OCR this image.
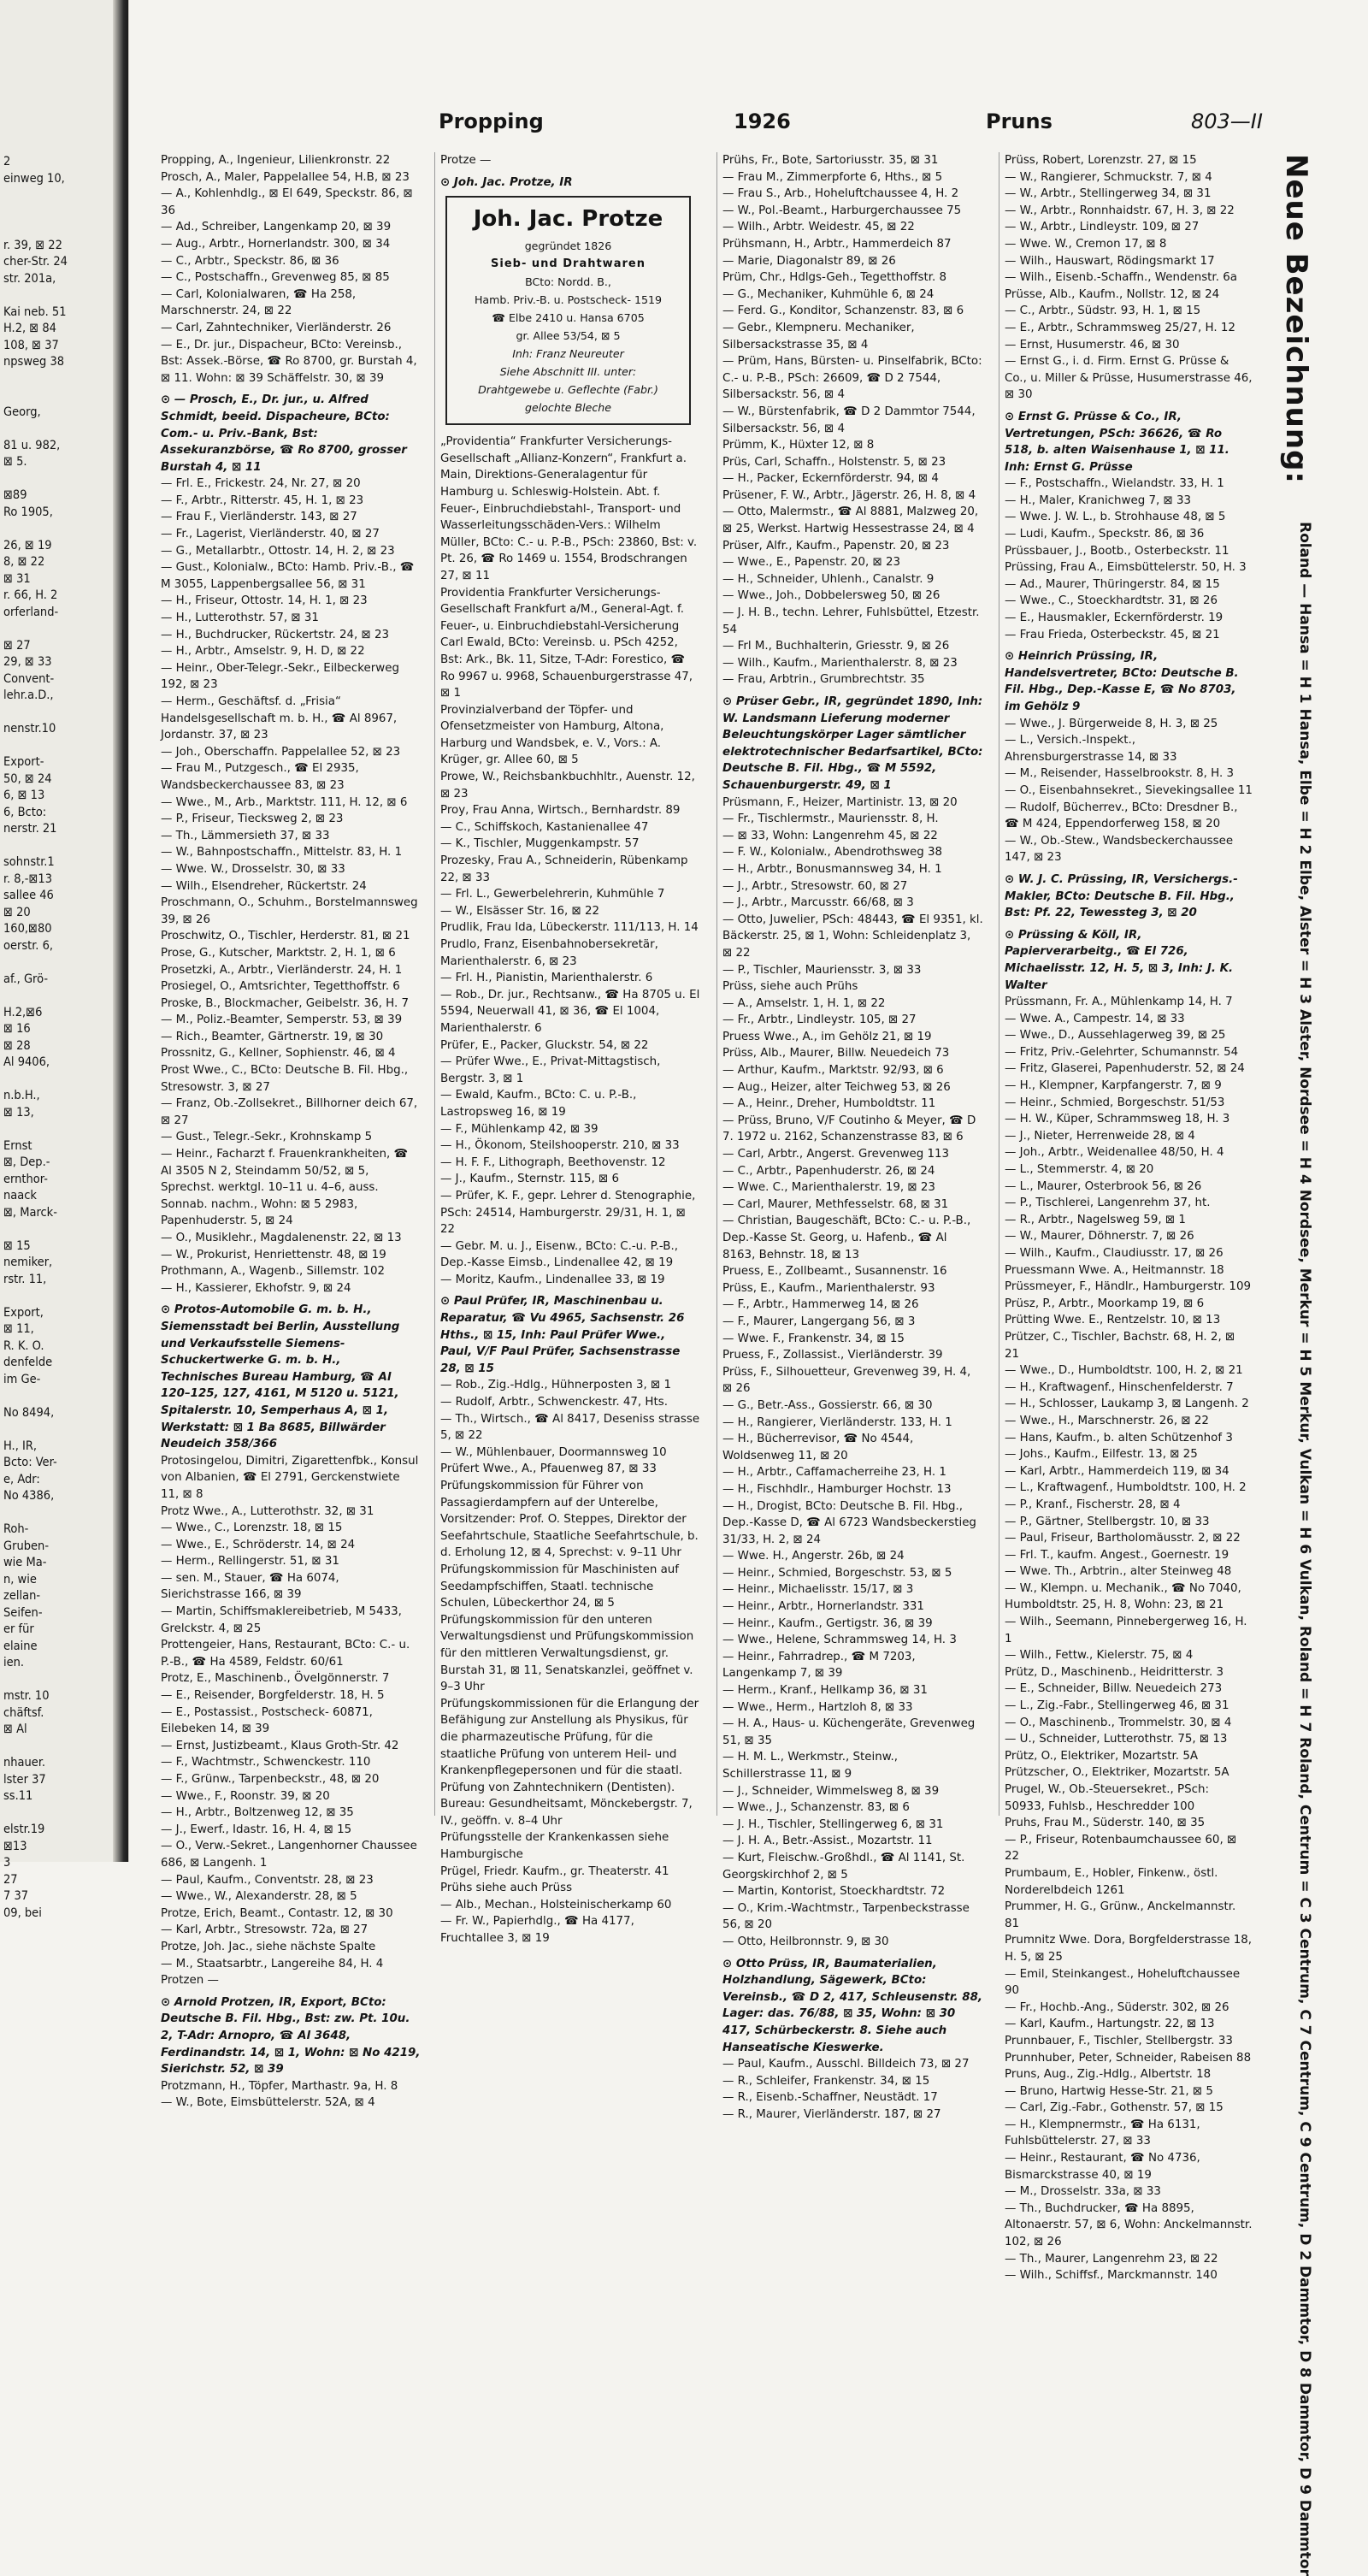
2
einweg 10,

r. 39, ⊠ 22
cher-Str. 24
str. 201a,

Kai neb. 51
H.2, ⊠ 84
108, ⊠ 37
npsweg 38

Georg,

81 u. 982,
⊠ 5.

⊠89
Ro 1905,

26, ⊠ 19
8, ⊠ 22
⊠ 31
r. 66, H. 2
orferland-

⊠ 27
29, ⊠ 33
Convent-
lehr.a.D.,

nenstr.10

Export-
50, ⊠ 24
6, ⊠ 13
6, Bcto:
nerstr. 21

sohnstr.1
r. 8,-⊠13
sallee 46
⊠ 20
160,⊠80
oerstr. 6,

af., Grö-

H.2,⊠6
⊠ 16
⊠ 28
Al 9406,

n.b.H.,
⊠ 13,

Ernst
⊠, Dep.-
ernthor-
naack
⊠, Marck-

⊠ 15
nemiker,
rstr. 11,

Export,
⊠ 11,
R. K. O.
denfelde
im Ge-

No 8494,

H., IR,
Bcto: Ver-
e, Adr:
No 4386,

Roh-
Gruben-
wie Ma-
n, wie
zellan-
Seifen-
er für
elaine
ien.

mstr. 10
chäftsf.
⊠ Al

nhauer.
lster 37
ss.11

elstr.19
⊠13
3
27
7 37
09, bei
Propping	1926	Pruns	803—II

Propping, A., Ingenieur, Lilienkronstr. 22

Prosch, A., Maler, Pappelallee 54, H.B, ⊠ 23

— A., Kohlenhdlg., ⊠ El 649, Speckstr. 86, ⊠ 36

— Ad., Schreiber, Langenkamp 20, ⊠ 39

— Aug., Arbtr., Hornerlandstr. 300, ⊠ 34

— C., Arbtr., Speckstr. 86, ⊠ 36

— C., Postschaffn., Grevenweg 85, ⊠ 85

— Carl, Kolonialwaren, ☎ Ha 258, Marschnerstr. 24, ⊠ 22

— Carl, Zahntechniker, Vierländerstr. 26

— E., Dr. jur., Dispacheur, BCto: Vereinsb., Bst: Assek.-Börse, ☎ Ro 8700, gr. Burstah 4, ⊠ 11. Wohn: ⊠ 39 Schäffelstr. 30, ⊠ 39

⊙ — Prosch, E., Dr. jur., u. Alfred Schmidt, beeid. Dispacheure, BCto: Com.- u. Priv.-Bank, Bst: Assekuranzbörse, ☎ Ro 8700, grosser Burstah 4, ⊠ 11

— Frl. E., Frickestr. 24, Nr. 27, ⊠ 20

— F., Arbtr., Ritterstr. 45, H. 1, ⊠ 23

— Frau F., Vierländerstr. 143, ⊠ 27

— Fr., Lagerist, Vierländerstr. 40, ⊠ 27

— G., Metallarbtr., Ottostr. 14, H. 2, ⊠ 23

— Gust., Kolonialw., BCto: Hamb. Priv.-B., ☎ M 3055, Lappenbergsallee 56, ⊠ 31

— H., Friseur, Ottostr. 14, H. 1, ⊠ 23

— H., Lutterothstr. 57, ⊠ 31

— H., Buchdrucker, Rückertstr. 24, ⊠ 23

— H., Arbtr., Amselstr. 9, H. D, ⊠ 22

— Heinr., Ober-Telegr.-Sekr., Eilbeckerweg 192, ⊠ 23

— Herm., Geschäftsf. d. „Frisia“ Handelsgesellschaft m. b. H., ☎ Al 8967, Jordanstr. 37, ⊠ 23

— Joh., Oberschaffn. Pappelallee 52, ⊠ 23

— Frau M., Putzgesch., ☎ El 2935, Wandsbeckerchaussee 83, ⊠ 23

— Wwe., M., Arb., Marktstr. 111, H. 12, ⊠ 6

— P., Friseur, Tiecksweg 2, ⊠ 23

— Th., Lämmersieth 37, ⊠ 33

— W., Bahnpostschaffn., Mittelstr. 83, H. 1

— Wwe. W., Drosselstr. 30, ⊠ 33

— Wilh., Elsendreher, Rückertstr. 24

Proschmann, O., Schuhm., Borstelmannsweg 39, ⊠ 26

Proschwitz, O., Tischler, Herderstr. 81, ⊠ 21

Prose, G., Kutscher, Marktstr. 2, H. 1, ⊠ 6

Prosetzki, A., Arbtr., Vierländerstr. 24, H. 1

Prosiegel, O., Amtsrichter, Tegetthoffstr. 6

Proske, B., Blockmacher, Geibelstr. 36, H. 7

— M., Poliz.-Beamter, Semperstr. 53, ⊠ 39

— Rich., Beamter, Gärtnerstr. 19, ⊠ 30

Prossnitz, G., Kellner, Sophienstr. 46, ⊠ 4

Prost Wwe., C., BCto: Deutsche B. Fil. Hbg., Stresowstr. 3, ⊠ 27

— Franz, Ob.-Zollsekret., Billhorner deich 67, ⊠ 27

— Gust., Telegr.-Sekr., Krohnskamp 5

— Heinr., Facharzt f. Frauenkrankheiten, ☎ Al 3505 N 2, Steindamm 50/52, ⊠ 5, Sprechst. werktgl. 10–11 u. 4–6, auss. Sonnab. nachm., Wohn: ⊠ 5 2983, Papenhuderstr. 5, ⊠ 24

— O., Musiklehr., Magdalenenstr. 22, ⊠ 13

— W., Prokurist, Henriettenstr. 48, ⊠ 19

Prothmann, A., Wagenb., Sillemstr. 102

— H., Kassierer, Ekhofstr. 9, ⊠ 24

⊙ Protos-Automobile G. m. b. H., Siemensstadt bei Berlin, Ausstellung und Verkaufsstelle Siemens-Schuckertwerke G. m. b. H., Technisches Bureau Hamburg, ☎ Al 120–125, 127, 4161, M 5120 u. 5121, Spitalerstr. 10, Semperhaus A, ⊠ 1, Werkstatt: ⊠ 1 Ba 8685, Billwärder Neudeich 358/366

Protosingelou, Dimitri, Zigarettenfbk., Konsul von Albanien, ☎ El 2791, Gerckenstwiete 11, ⊠ 8

Protz Wwe., A., Lutterothstr. 32, ⊠ 31

— Wwe., C., Lorenzstr. 18, ⊠ 15

— Wwe., E., Schröderstr. 14, ⊠ 24

— Herm., Rellingerstr. 51, ⊠ 31

— sen. M., Stauer, ☎ Ha 6074, Sierichstrasse 166, ⊠ 39

— Martin, Schiffsmaklereibetrieb, M 5433, Grelckstr. 4, ⊠ 25

Prottengeier, Hans, Restaurant, BCto: C.- u. P.-B., ☎ Ha 4589, Feldstr. 60/61

Protz, E., Maschinenb., Övelgönnerstr. 7

— E., Reisender, Borgfelderstr. 18, H. 5

— E., Postassist., Postscheck- 60871, Eilebeken 14, ⊠ 39

— Ernst, Justizbeamt., Klaus Groth-Str. 42

— F., Wachtmstr., Schwenckestr. 110

— F., Grünw., Tarpenbeckstr., 48, ⊠ 20

— Wwe., F., Roonstr. 39, ⊠ 20

— H., Arbtr., Boltzenweg 12, ⊠ 35

— J., Ewerf., Idastr. 16, H. 4, ⊠ 15

— O., Verw.-Sekret., Langenhorner Chaussee 686, ⊠ Langenh. 1

— Paul, Kaufm., Conventstr. 28, ⊠ 23

— Wwe., W., Alexanderstr. 28, ⊠ 5

Protze, Erich, Beamt., Contastr. 12, ⊠ 30

— Karl, Arbtr., Stresowstr. 72a, ⊠ 27

Protze, Joh. Jac., siehe nächste Spalte

— M., Staatsarbtr., Langereihe 84, H. 4

Protzen —

⊙ Arnold Protzen, IR, Export, BCto: Deutsche B. Fil. Hbg., Bst: zw. Pt. 10u. 2, T-Adr: Arnopro, ☎ Al 3648, Ferdinandstr. 14, ⊠ 1, Wohn: ⊠ No 4219, Sierichstr. 52, ⊠ 39

Protzmann, H., Töpfer, Marthastr. 9a, H. 8

— W., Bote, Eimsbüttelerstr. 52A, ⊠ 4

Protze —

⊙ Joh. Jac. Protze, IR

Joh. Jac. Protze
gegründet 1826
Sieb- und Drahtwaren
BCto: Nordd. B.,
Hamb. Priv.-B. u. Postscheck- 1519
☎ Elbe 2410 u. Hansa 6705
gr. Allee 53/54, ⊠ 5
Inh: Franz Neureuter
Siehe Abschnitt III. unter:
Drahtgewebe u. Geflechte (Fabr.)
gelochte Bleche

„Providentia“ Frankfurter Versicherungs-Gesellschaft „Allianz-Konzern“, Frankfurt a. Main, Direktions-Generalagentur für Hamburg u. Schleswig-Holstein. Abt. f. Feuer-, Einbruchdiebstahl-, Transport- und Wasserleitungsschäden-Vers.: Wilhelm Müller, BCto: C.- u. P.-B., PSch: 23860, Bst: v. Pt. 26, ☎ Ro 1469 u. 1554, Brodschrangen 27, ⊠ 11

Providentia Frankfurter Versicherungs-Gesellschaft Frankfurt a/M., General-Agt. f. Feuer-, u. Einbruchdiebstahl-Versicherung Carl Ewald, BCto: Vereinsb. u. PSch 4252, Bst: Ark., Bk. 11, Sitze, T-Adr: Forestico, ☎ Ro 9967 u. 9968, Schauenburgerstrasse 47, ⊠ 1

Provinzialverband der Töpfer- und Ofensetzmeister von Hamburg, Altona, Harburg und Wandsbek, e. V., Vors.: A. Krüger, gr. Allee 60, ⊠ 5

Prowe, W., Reichsbankbuchhltr., Auenstr. 12, ⊠ 23

Proy, Frau Anna, Wirtsch., Bernhardstr. 89

— C., Schiffskoch, Kastanienallee 47

— K., Tischler, Muggenkampstr. 57

Prozesky, Frau A., Schneiderin, Rübenkamp 22, ⊠ 33

— Frl. L., Gewerbelehrerin, Kuhmühle 7

— W., Elsässer Str. 16, ⊠ 22

Prudlik, Frau Ida, Lübeckerstr. 111/113, H. 14

Prudlo, Franz, Eisenbahnobersekretär, Marienthalerstr. 6, ⊠ 23

— Frl. H., Pianistin, Marienthalerstr. 6

— Rob., Dr. jur., Rechtsanw., ☎ Ha 8705 u. El 5594, Neuerwall 41, ⊠ 36, ☎ El 1004, Marienthalerstr. 6

Prüfer, E., Packer, Gluckstr. 54, ⊠ 22

— Prüfer Wwe., E., Privat-Mittagstisch, Bergstr. 3, ⊠ 1

— Ewald, Kaufm., BCto: C. u. P.-B., Lastropsweg 16, ⊠ 19

— F., Mühlenkamp 42, ⊠ 39

— H., Ökonom, Steilshooperstr. 210, ⊠ 33

— H. F. F., Lithograph, Beethovenstr. 12

— J., Kaufm., Sternstr. 115, ⊠ 6

— Prüfer, K. F., gepr. Lehrer d. Stenographie, PSch: 24514, Hamburgerstr. 29/31, H. 1, ⊠ 22

— Gebr. M. u. J., Eisenw., BCto: C.-u. P.-B., Dep.-Kasse Eimsb., Lindenallee 42, ⊠ 19

— Moritz, Kaufm., Lindenallee 33, ⊠ 19

⊙ Paul Prüfer, IR, Maschinenbau u. Reparatur, ☎ Vu 4965, Sachsenstr. 26 Hths., ⊠ 15, Inh: Paul Prüfer Wwe., Paul, V/F Paul Prüfer, Sachsenstrasse 28, ⊠ 15

— Rob., Zig.-Hdlg., Hühnerposten 3, ⊠ 1

— Rudolf, Arbtr., Schwenckestr. 47, Hts.

— Th., Wirtsch., ☎ Al 8417, Deseniss strasse 5, ⊠ 22

— W., Mühlenbauer, Doormannsweg 10

Prüfert Wwe., A., Pfauenweg 87, ⊠ 33

Prüfungskommission für Führer von Passagierdampfern auf der Unterelbe, Vorsitzender: Prof. O. Steppes, Direktor der Seefahrtschule, Staatliche Seefahrtschule, b. d. Erholung 12, ⊠ 4, Sprechst: v. 9–11 Uhr

Prüfungskommission für Maschinisten auf Seedampfschiffen, Staatl. technische Schulen, Lübeckerthor 24, ⊠ 5

Prüfungskommission für den unteren Verwaltungsdienst und Prüfungskommission für den mittleren Verwaltungsdienst, gr. Burstah 31, ⊠ 11, Senatskanzlei, geöffnet v. 9–3 Uhr

Prüfungskommissionen für die Erlangung der Befähigung zur Anstellung als Physikus, für die pharmazeutische Prüfung, für die staatliche Prüfung von unterem Heil- und Krankenpflegepersonen und für die staatl. Prüfung von Zahntechnikern (Dentisten). Bureau: Gesundheitsamt, Mönckebergstr. 7, IV., geöffn. v. 8–4 Uhr

Prüfungsstelle der Krankenkassen siehe Hamburgische

Prügel, Friedr. Kaufm., gr. Theaterstr. 41

Prühs siehe auch Prüss

— Alb., Mechan., Holsteinischerkamp 60

— Fr. W., Papierhdlg., ☎ Ha 4177, Fruchtallee 3, ⊠ 19

Prühs, Fr., Bote, Sartoriusstr. 35, ⊠ 31

— Frau M., Zimmerpforte 6, Hths., ⊠ 5

— Frau S., Arb., Hoheluftchaussee 4, H. 2

— W., Pol.-Beamt., Harburgerchaussee 75

— Wilh., Arbtr. Weidestr. 45, ⊠ 22

Prühsmann, H., Arbtr., Hammerdeich 87

— Marie, Diagonalstr 89, ⊠ 26

Prüm, Chr., Hdlgs-Geh., Tegetthoffstr. 8

— G., Mechaniker, Kuhmühle 6, ⊠ 24

— Ferd. G., Konditor, Schanzenstr. 83, ⊠ 6

— Gebr., Klempneru. Mechaniker, Silbersackstrasse 35, ⊠ 4

— Prüm, Hans, Bürsten- u. Pinselfabrik, BCto: C.- u. P.-B., PSch: 26609, ☎ D 2 7544, Silbersackstr. 56, ⊠ 4

— W., Bürstenfabrik, ☎ D 2 Dammtor 7544, Silbersackstr. 56, ⊠ 4

Prümm, K., Hüxter 12, ⊠ 8

Prüs, Carl, Schaffn., Holstenstr. 5, ⊠ 23

— H., Packer, Eckernförderstr. 94, ⊠ 4

Prüsener, F. W., Arbtr., Jägerstr. 26, H. 8, ⊠ 4

— Otto, Malermstr., ☎ Al 8881, Malzweg 20, ⊠ 25, Werkst. Hartwig Hessestrasse 24, ⊠ 4

Prüser, Alfr., Kaufm., Papenstr. 20, ⊠ 23

— Wwe., E., Papenstr. 20, ⊠ 23

— H., Schneider, Uhlenh., Canalstr. 9

— Wwe., Joh., Dobbelersweg 50, ⊠ 26

— J. H. B., techn. Lehrer, Fuhlsbüttel, Etzestr. 54

— Frl M., Buchhalterin, Griesstr. 9, ⊠ 26

— Wilh., Kaufm., Marienthalerstr. 8, ⊠ 23

— Frau, Arbtrin., Grumbrechtstr. 35

⊙ Prüser Gebr., IR, gegründet 1890, Inh: W. Landsmann Lieferung moderner Beleuchtungskörper Lager sämtlicher elektrotechnischer Bedarfsartikel, BCto: Deutsche B. Fil. Hbg., ☎ M 5592, Schauenburgerstr. 49, ⊠ 1

Prüsmann, F., Heizer, Martinistr. 13, ⊠ 20

— Fr., Tischlermstr., Mauriensstr. 8, H.

— ⊠ 33, Wohn: Langenrehm 45, ⊠ 22

— F. W., Kolonialw., Abendrothsweg 38

— H., Arbtr., Bonusmannsweg 34, H. 1

— J., Arbtr., Stresowstr. 60, ⊠ 27

— J., Arbtr., Marcusstr. 66/68, ⊠ 3

— Otto, Juwelier, PSch: 48443, ☎ El 9351, kl. Bäckerstr. 25, ⊠ 1, Wohn: Schleidenplatz 3, ⊠ 22

— P., Tischler, Mauriensstr. 3, ⊠ 33

Prüss, siehe auch Prühs

— A., Amselstr. 1, H. 1, ⊠ 22

— Fr., Arbtr., Lindleystr. 105, ⊠ 27

Pruess Wwe., A., im Gehölz 21, ⊠ 19

Prüss, Alb., Maurer, Billw. Neuedeich 73

— Arthur, Kaufm., Marktstr. 92/93, ⊠ 6

— Aug., Heizer, alter Teichweg 53, ⊠ 26

— A., Heinr., Dreher, Humboldtstr. 11

— Prüss, Bruno, V/F Coutinho & Meyer, ☎ D 7. 1972 u. 2162, Schanzenstrasse 83, ⊠ 6

— Carl, Arbtr., Angerst. Grevenweg 113

— C., Arbtr., Papenhuderstr. 26, ⊠ 24

— Wwe. C., Marienthalerstr. 19, ⊠ 23

— Carl, Maurer, Methfesselstr. 68, ⊠ 31

— Christian, Baugeschäft, BCto: C.- u. P.-B., Dep.-Kasse St. Georg, u. Hafenb., ☎ Al 8163, Behnstr. 18, ⊠ 13

Pruess, E., Zollbeamt., Susannenstr. 16

Prüss, E., Kaufm., Marienthalerstr. 93

— F., Arbtr., Hammerweg 14, ⊠ 26

— F., Maurer, Langergang 56, ⊠ 3

— Wwe. F., Frankenstr. 34, ⊠ 15

Pruess, F., Zollassist., Vierländerstr. 39

Prüss, F., Silhouetteur, Grevenweg 39, H. 4, ⊠ 26

— G., Betr.-Ass., Gossierstr. 66, ⊠ 30

— H., Rangierer, Vierländerstr. 133, H. 1

— H., Bücherrevisor, ☎ No 4544, Woldsenweg 11, ⊠ 20

— H., Arbtr., Caffamacherreihe 23, H. 1

— H., Fischhdlr., Hamburger Hochstr. 13

— H., Drogist, BCto: Deutsche B. Fil. Hbg., Dep.-Kasse D, ☎ Al 6723 Wandsbeckerstieg 31/33, H. 2, ⊠ 24

— Wwe. H., Angerstr. 26b, ⊠ 24

— Heinr., Schmied, Borgeschstr. 53, ⊠ 5

— Heinr., Michaelisstr. 15/17, ⊠ 3

— Heinr., Arbtr., Hornerlandstr. 331

— Heinr., Kaufm., Gertigstr. 36, ⊠ 39

— Wwe., Helene, Schrammsweg 14, H. 3

— Heinr., Fahrradrep., ☎ M 7203, Langenkamp 7, ⊠ 39

— Herm., Kranf., Hellkamp 36, ⊠ 31

— Wwe., Herm., Hartzloh 8, ⊠ 33

— H. A., Haus- u. Küchengeräte, Grevenweg 51, ⊠ 35

— H. M. L., Werkmstr., Steinw., Schillerstrasse 11, ⊠ 9

— J., Schneider, Wimmelsweg 8, ⊠ 39

— Wwe., J., Schanzenstr. 83, ⊠ 6

— J. H., Tischler, Stellingerweg 6, ⊠ 31

— J. H. A., Betr.-Assist., Mozartstr. 11

— Kurt, Fleischw.-Großhdl., ☎ Al 1141, St. Georgskirchhof 2, ⊠ 5

— Martin, Kontorist, Stoeckhardtstr. 72

— O., Krim.-Wachtmstr., Tarpenbeckstrasse 56, ⊠ 20

— Otto, Heilbronnstr. 9, ⊠ 30

⊙ Otto Prüss, IR, Baumaterialien, Holzhandlung, Sägewerk, BCto: Vereinsb., ☎ D 2, 417, Schleusenstr. 88, Lager: das. 76/88, ⊠ 35, Wohn: ⊠ 30 417, Schürbeckerstr. 8. Siehe auch Hanseatische Kieswerke.

— Paul, Kaufm., Ausschl. Billdeich 73, ⊠ 27

— R., Schleifer, Frankenstr. 34, ⊠ 15

— R., Eisenb.-Schaffner, Neustädt. 17

— R., Maurer, Vierländerstr. 187, ⊠ 27

Prüss, Robert, Lorenzstr. 27, ⊠ 15

— W., Rangierer, Schmuckstr. 7, ⊠ 4

— W., Arbtr., Stellingerweg 34, ⊠ 31

— W., Arbtr., Ronnhaidstr. 67, H. 3, ⊠ 22

— W., Arbtr., Lindleystr. 109, ⊠ 27

— Wwe. W., Cremon 17, ⊠ 8

— Wilh., Hauswart, Rödingsmarkt 17

— Wilh., Eisenb.-Schaffn., Wendenstr. 6a

Prüsse, Alb., Kaufm., Nollstr. 12, ⊠ 24

— C., Arbtr., Südstr. 93, H. 1, ⊠ 15

— E., Arbtr., Schrammsweg 25/27, H. 12

— Ernst, Husumerstr. 46, ⊠ 30

— Ernst G., i. d. Firm. Ernst G. Prüsse & Co., u. Miller & Prüsse, Husumerstrasse 46, ⊠ 30

⊙ Ernst G. Prüsse & Co., IR, Vertretungen, PSch: 36626, ☎ Ro 518, b. alten Waisenhause 1, ⊠ 11. Inh: Ernst G. Prüsse

— F., Postschaffn., Wielandstr. 33, H. 1

— H., Maler, Kranichweg 7, ⊠ 33

— Wwe. J. W. L., b. Strohhause 48, ⊠ 5

— Ludi, Kaufm., Speckstr. 86, ⊠ 36

Prüssbauer, J., Bootb., Osterbeckstr. 11

Prüssing, Frau A., Eimsbüttelerstr. 50, H. 3

— Ad., Maurer, Thüringerstr. 84, ⊠ 15

— Wwe., C., Stoeckhardtstr. 31, ⊠ 26

— E., Hausmakler, Eckernförderstr. 19

— Frau Frieda, Osterbeckstr. 45, ⊠ 21

⊙ Heinrich Prüssing, IR, Handelsvertreter, BCto: Deutsche B. Fil. Hbg., Dep.-Kasse E, ☎ No 8703, im Gehölz 9

— Wwe., J. Bürgerweide 8, H. 3, ⊠ 25

— L., Versich.-Inspekt., Ahrensburgerstrasse 14, ⊠ 33

— M., Reisender, Hasselbrookstr. 8, H. 3

— O., Eisenbahnsekret., Sievekingsallee 11

— Rudolf, Bücherrev., BCto: Dresdner B., ☎ M 424, Eppendorferweg 158, ⊠ 20

— W., Ob.-Stew., Wandsbeckerchaussee 147, ⊠ 23

⊙ W. J. C. Prüssing, IR, Versichergs.-Makler, BCto: Deutsche B. Fil. Hbg., Bst: Pf. 22, Tewessteg 3, ⊠ 20

⊙ Prüssing & Köll, IR, Papierverarbeitg., ☎ El 726, Michaelisstr. 12, H. 5, ⊠ 3, Inh: J. K. Walter

Prüssmann, Fr. A., Mühlenkamp 14, H. 7

— Wwe. A., Campestr. 14, ⊠ 33

— Wwe., D., Aussehlagerweg 39, ⊠ 25

— Fritz, Priv.-Gelehrter, Schumannstr. 54

— Fritz, Glaserei, Papenhuderstr. 52, ⊠ 24

— H., Klempner, Karpfangerstr. 7, ⊠ 9

— Heinr., Schmied, Borgeschstr. 51/53

— H. W., Küper, Schrammsweg 18, H. 3

— J., Nieter, Herrenweide 28, ⊠ 4

— Joh., Arbtr., Weidenallee 48/50, H. 4

— L., Stemmerstr. 4, ⊠ 20

— L., Maurer, Osterbrook 56, ⊠ 26

— P., Tischlerei, Langenrehm 37, ht.

— R., Arbtr., Nagelsweg 59, ⊠ 1

— W., Maurer, Döhnerstr. 7, ⊠ 26

— Wilh., Kaufm., Claudiusstr. 17, ⊠ 26

Pruessmann Wwe. A., Heitmannstr. 18

Prüssmeyer, F., Händlr., Hamburgerstr. 109

Prüsz, P., Arbtr., Moorkamp 19, ⊠ 6

Prütting Wwe. E., Rentzelstr. 10, ⊠ 13

Prützer, C., Tischler, Bachstr. 68, H. 2, ⊠ 21

— Wwe., D., Humboldtstr. 100, H. 2, ⊠ 21

— H., Kraftwagenf., Hinschenfelderstr. 7

— H., Schlosser, Laukamp 3, ⊠ Langenh. 2

— Wwe., H., Marschnerstr. 26, ⊠ 22

— Hans, Kaufm., b. alten Schützenhof 3

— Johs., Kaufm., Eilfestr. 13, ⊠ 25

— Karl, Arbtr., Hammerdeich 119, ⊠ 34

— L., Kraftwagenf., Humboldtstr. 100, H. 2

— P., Kranf., Fischerstr. 28, ⊠ 4

— P., Gärtner, Stellbergstr. 10, ⊠ 33

— Paul, Friseur, Bartholomäusstr. 2, ⊠ 22

— Frl. T., kaufm. Angest., Goernestr. 19

— Wwe. Th., Arbtrin., alter Steinweg 48

— W., Klempn. u. Mechanik., ☎ No 7040, Humboldtstr. 25, H. 8, Wohn: 23, ⊠ 21

— Wilh., Seemann, Pinnebergerweg 16, H. 1

— Wilh., Fettw., Kielerstr. 75, ⊠ 4

Prütz, D., Maschinenb., Heidritterstr. 3

— E., Schneider, Billw. Neuedeich 273

— L., Zig.-Fabr., Stellingerweg 46, ⊠ 31

— O., Maschinenb., Trommelstr. 30, ⊠ 4

— U., Schneider, Lutterothstr. 75, ⊠ 13

Prütz, O., Elektriker, Mozartstr. 5A

Prützscher, O., Elektriker, Mozartstr. 5A

Prugel, W., Ob.-Steuersekret., PSch: 50933, Fuhlsb., Heschredder 100

Pruhs, Frau M., Süderstr. 140, ⊠ 35

— P., Friseur, Rotenbaumchaussee 60, ⊠ 22

Prumbaum, E., Hobler, Finkenw., östl. Norderelbdeich 1261

Prummer, H. G., Grünw., Anckelmannstr. 81

Prumnitz Wwe. Dora, Borgfelderstrasse 18, H. 5, ⊠ 25

— Emil, Steinkangest., Hoheluftchaussee 90

— Fr., Hochb.-Ang., Süderstr. 302, ⊠ 26

— Karl, Kaufm., Hartungstr. 22, ⊠ 13

Prunnbauer, F., Tischler, Stellbergstr. 33

Prunnhuber, Peter, Schneider, Rabeisen 88

Pruns, Aug., Zig.-Hdlg., Albertstr. 18

— Bruno, Hartwig Hesse-Str. 21, ⊠ 5

— Carl, Zig.-Fabr., Gothenstr. 57, ⊠ 15

— H., Klempnermstr., ☎ Ha 6131, Fuhlsbüttelerstr. 27, ⊠ 33

— Heinr., Restaurant, ☎ No 4736, Bismarckstrasse 40, ⊠ 19

— M., Drosselstr. 33a, ⊠ 33

— Th., Buchdrucker, ☎ Ha 8895, Altonaerstr. 57, ⊠ 6, Wohn: Anckelmannstr. 102, ⊠ 26

— Th., Maurer, Langenrehm 23, ⊠ 22

— Wilh., Schiffsf., Marckmannstr. 140

Neue Bezeichnung:
Roland — Hansa = H 1 Hansa, Elbe = H 2 Elbe, Alster = H 3 Alster, Nordsee = H 4 Nordsee, Merkur = H 5 Merkur, Vulkan = H 6 Vulkan, Roland = H 7 Roland, Centrum = C 3 Centrum, C 7 Centrum, C 9 Centrum, D 2 Dammtor, D 8 Dammtor, D 9 Dammtor
